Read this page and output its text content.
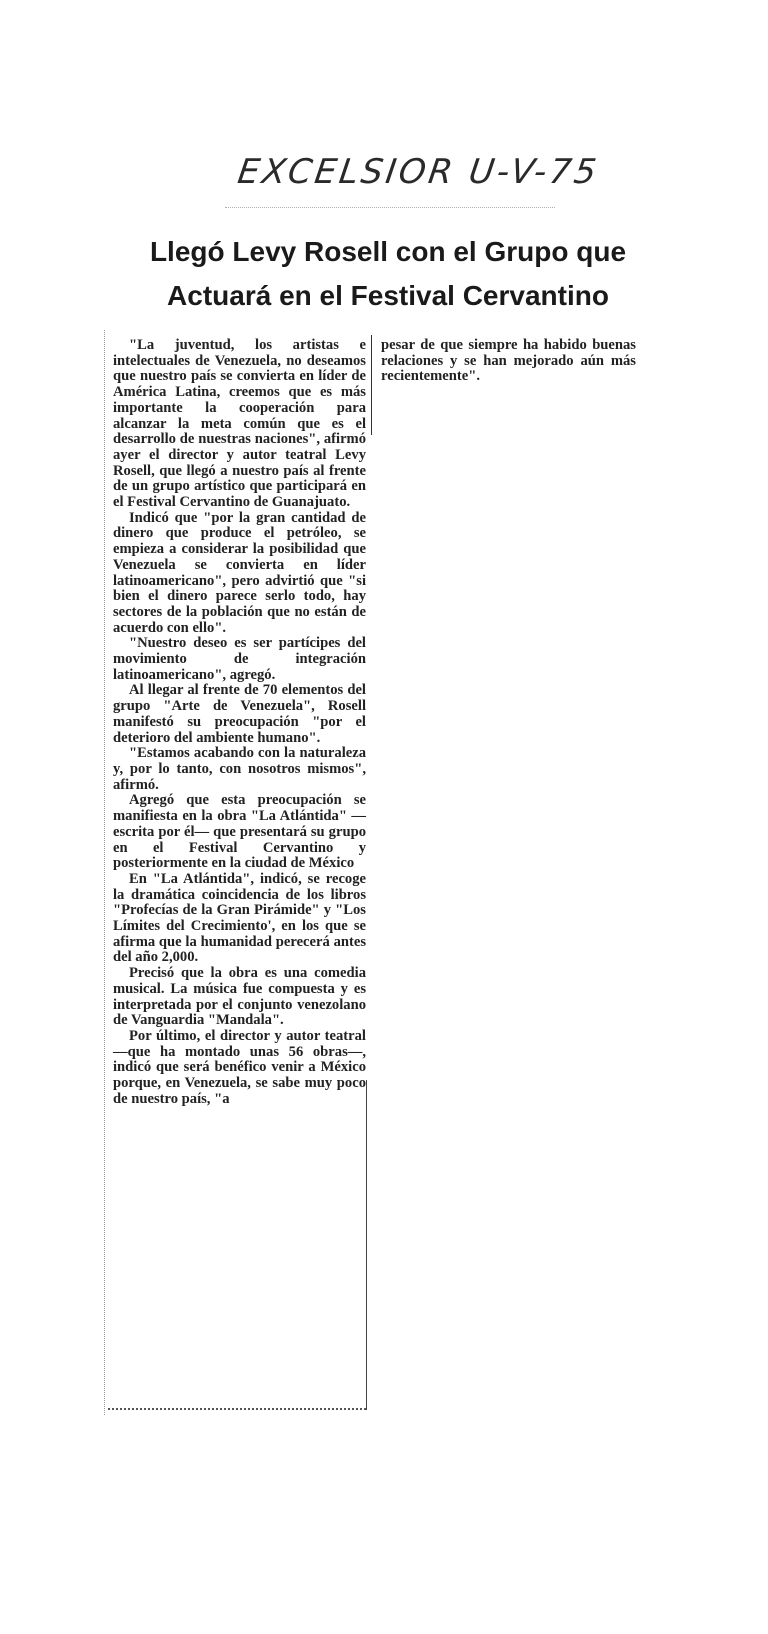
EXCELSIOR U-V-75
Llegó Levy Rosell con el Grupo que
Actuará en el Festival Cervantino

"La juventud, los artistas e intelectuales de Venezuela, no deseamos que nuestro país se convierta en líder de América Latina, creemos que es más importante la cooperación para alcanzar la meta común que es el desarrollo de nuestras naciones", afirmó ayer el director y autor teatral Levy Rosell, que llegó a nuestro país al frente de un grupo artístico que participará en el Festival Cervantino de Guanajuato.

Indicó que "por la gran cantidad de dinero que produce el petróleo, se empieza a considerar la posibilidad que Venezuela se convierta en líder latinoamericano", pero advirtió que "si bien el dinero parece serlo todo, hay sectores de la población que no están de acuerdo con ello".

"Nuestro deseo es ser partícipes del movimiento de integración latinoamericano", agregó.

Al llegar al frente de 70 elementos del grupo "Arte de Venezuela", Rosell manifestó su preocupación "por el deterioro del ambiente humano".

"Estamos acabando con la naturaleza y, por lo tanto, con nosotros mismos", afirmó.

Agregó que esta preocupación se manifiesta en la obra "La Atlántida" —escrita por él— que presentará su grupo en el Festival Cervantino y posteriormente en la ciudad de México

En "La Atlántida", indicó, se recoge la dramática coincidencia de los libros "Profecías de la Gran Pirámide" y "Los Límites del Crecimiento', en los que se afirma que la humanidad perecerá antes del año 2,000.

Precisó que la obra es una comedia musical. La música fue compuesta y es interpretada por el conjunto venezolano de Vanguardia "Mandala".

Por último, el director y autor teatral —que ha montado unas 56 obras—, indicó que será benéfico venir a México porque, en Venezuela, se sabe muy poco de nuestro país, "a

pesar de que siempre ha habido buenas relaciones y se han mejorado aún más recientemente".
